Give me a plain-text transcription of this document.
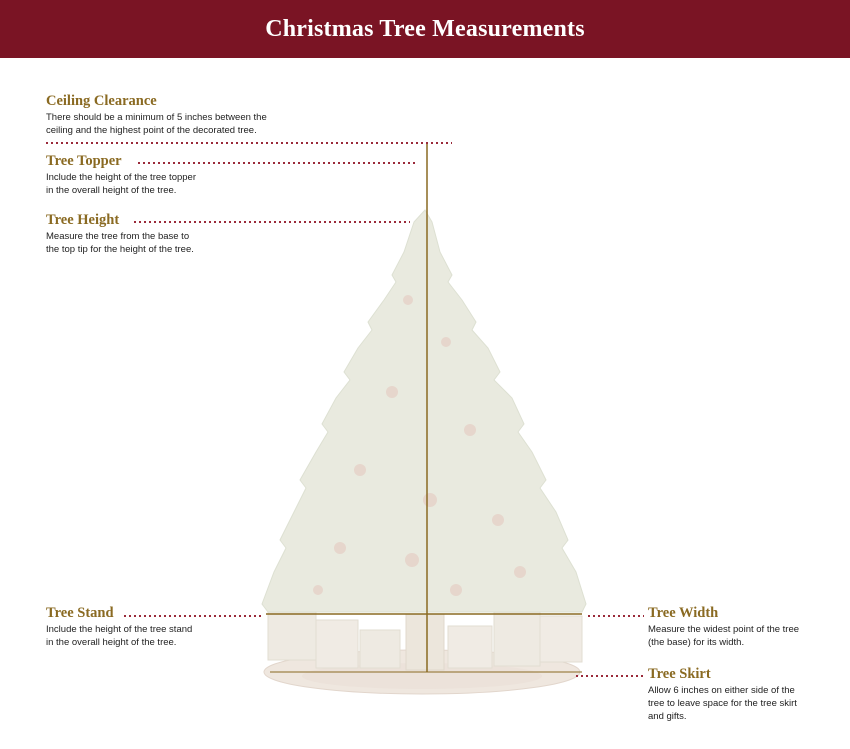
Christmas Tree Measurements
Ceiling Clearance
There should be a minimum of 5 inches between the
ceiling and the highest point of the decorated tree.
Tree Topper
Include the height of the tree topper
in the overall height of the tree.
Tree Height
Measure the tree from the base to
the top tip for the height of the tree.
Tree Stand
Include the height of the tree stand
in the overall height of the tree.
Tree Width
Measure the widest point of the tree
(the base) for its width.
Tree Skirt
Allow 6 inches on either side of the
tree to leave space for the tree skirt
and gifts.
